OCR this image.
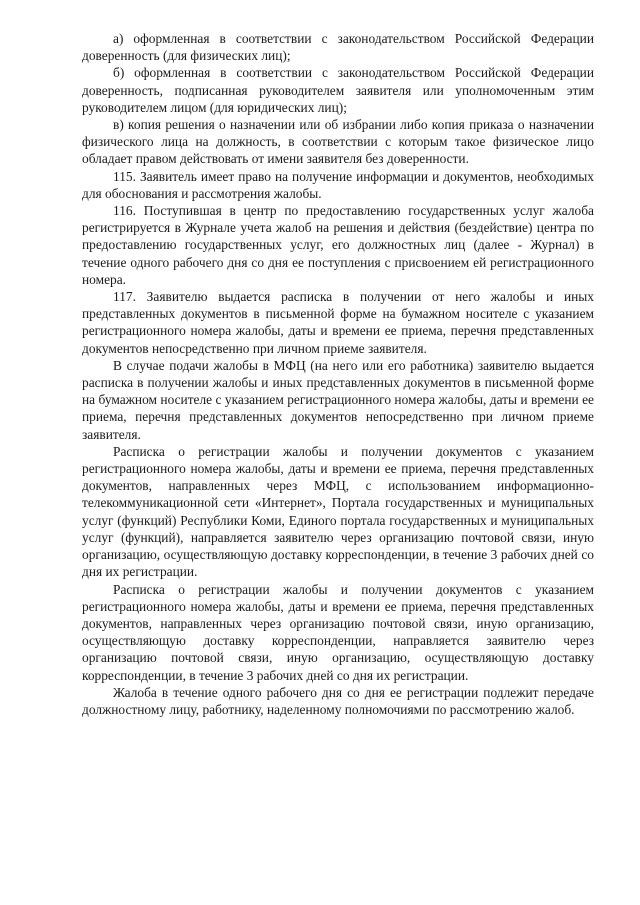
а) оформленная в соответствии с законодательством Российской Федерации доверенность (для физических лиц);

б) оформленная в соответствии с законодательством Российской Федерации доверенность, подписанная руководителем заявителя или уполномоченным этим руководителем лицом (для юридических лиц);

в) копия решения о назначении или об избрании либо копия приказа о назначении физического лица на должность, в соответствии с которым такое физическое лицо обладает правом действовать от имени заявителя без доверенности.

115. Заявитель имеет право на получение информации и документов, необходимых для обоснования и рассмотрения жалобы.

116. Поступившая в центр по предоставлению государственных услуг жалоба регистрируется в Журнале учета жалоб на решения и действия (бездействие) центра по предоставлению государственных услуг, его должностных лиц (далее - Журнал) в течение одного рабочего дня со дня ее поступления с присвоением ей регистрационного номера.

117. Заявителю выдается расписка в получении от него жалобы и иных представленных документов в письменной форме на бумажном носителе с указанием регистрационного номера жалобы, даты и времени ее приема, перечня представленных документов непосредственно при личном приеме заявителя.

В случае подачи жалобы в МФЦ (на него или его работника) заявителю выдается расписка в получении жалобы и иных представленных документов в письменной форме на бумажном носителе с указанием регистрационного номера жалобы, даты и времени ее приема, перечня представленных документов непосредственно при личном приеме заявителя.

Расписка о регистрации жалобы и получении документов с указанием регистрационного номера жалобы, даты и времени ее приема, перечня представленных документов, направленных через МФЦ, с использованием информационно-телекоммуникационной сети «Интернет», Портала государственных и муниципальных услуг (функций) Республики Коми, Единого портала государственных и муниципальных услуг (функций), направляется заявителю через организацию почтовой связи, иную организацию, осуществляющую доставку корреспонденции, в течение 3 рабочих дней со дня их регистрации.

Расписка о регистрации жалобы и получении документов с указанием регистрационного номера жалобы, даты и времени ее приема, перечня представленных документов, направленных через организацию почтовой связи, иную организацию, осуществляющую доставку корреспонденции, направляется заявителю через организацию почтовой связи, иную организацию, осуществляющую доставку корреспонденции, в течение 3 рабочих дней со дня их регистрации.

Жалоба в течение одного рабочего дня со дня ее регистрации подлежит передаче должностному лицу, работнику, наделенному полномочиями по рассмотрению жалоб.
